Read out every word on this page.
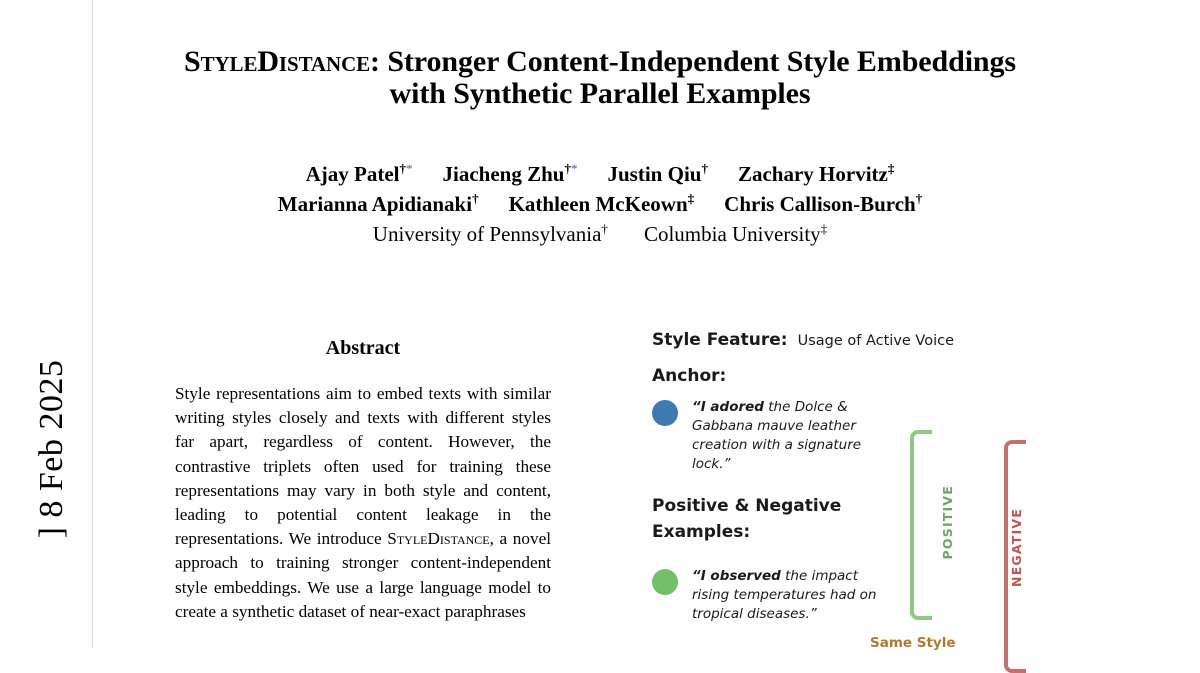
] 8 Feb 2025
StyleDistance: Stronger Content-Independent Style Embeddings
with Synthetic Parallel Examples
Ajay Patel†* Jiacheng Zhu†* Justin Qiu† Zachary Horvitz‡
Marianna Apidianaki† Kathleen McKeown‡ Chris Callison-Burch†
University of Pennsylvania† Columbia University‡
Abstract
Style representations aim to embed texts with similar writing styles closely and texts with different styles far apart, regardless of content. However, the contrastive triplets often used for training these representations may vary in both style and content, leading to potential content leakage in the representations. We introduce StyleDistance, a novel approach to training stronger content-independent style embeddings. We use a large language model to create a synthetic dataset of near-exact paraphrases
Style Feature: Usage of Active Voice
Anchor:
“I adored the Dolce & Gabbana mauve leather creation with a signature lock.”
Positive & Negative Examples:
“I observed the impact rising temperatures had on tropical diseases.”
Same Style
POSITIVE	NEGATIVE
